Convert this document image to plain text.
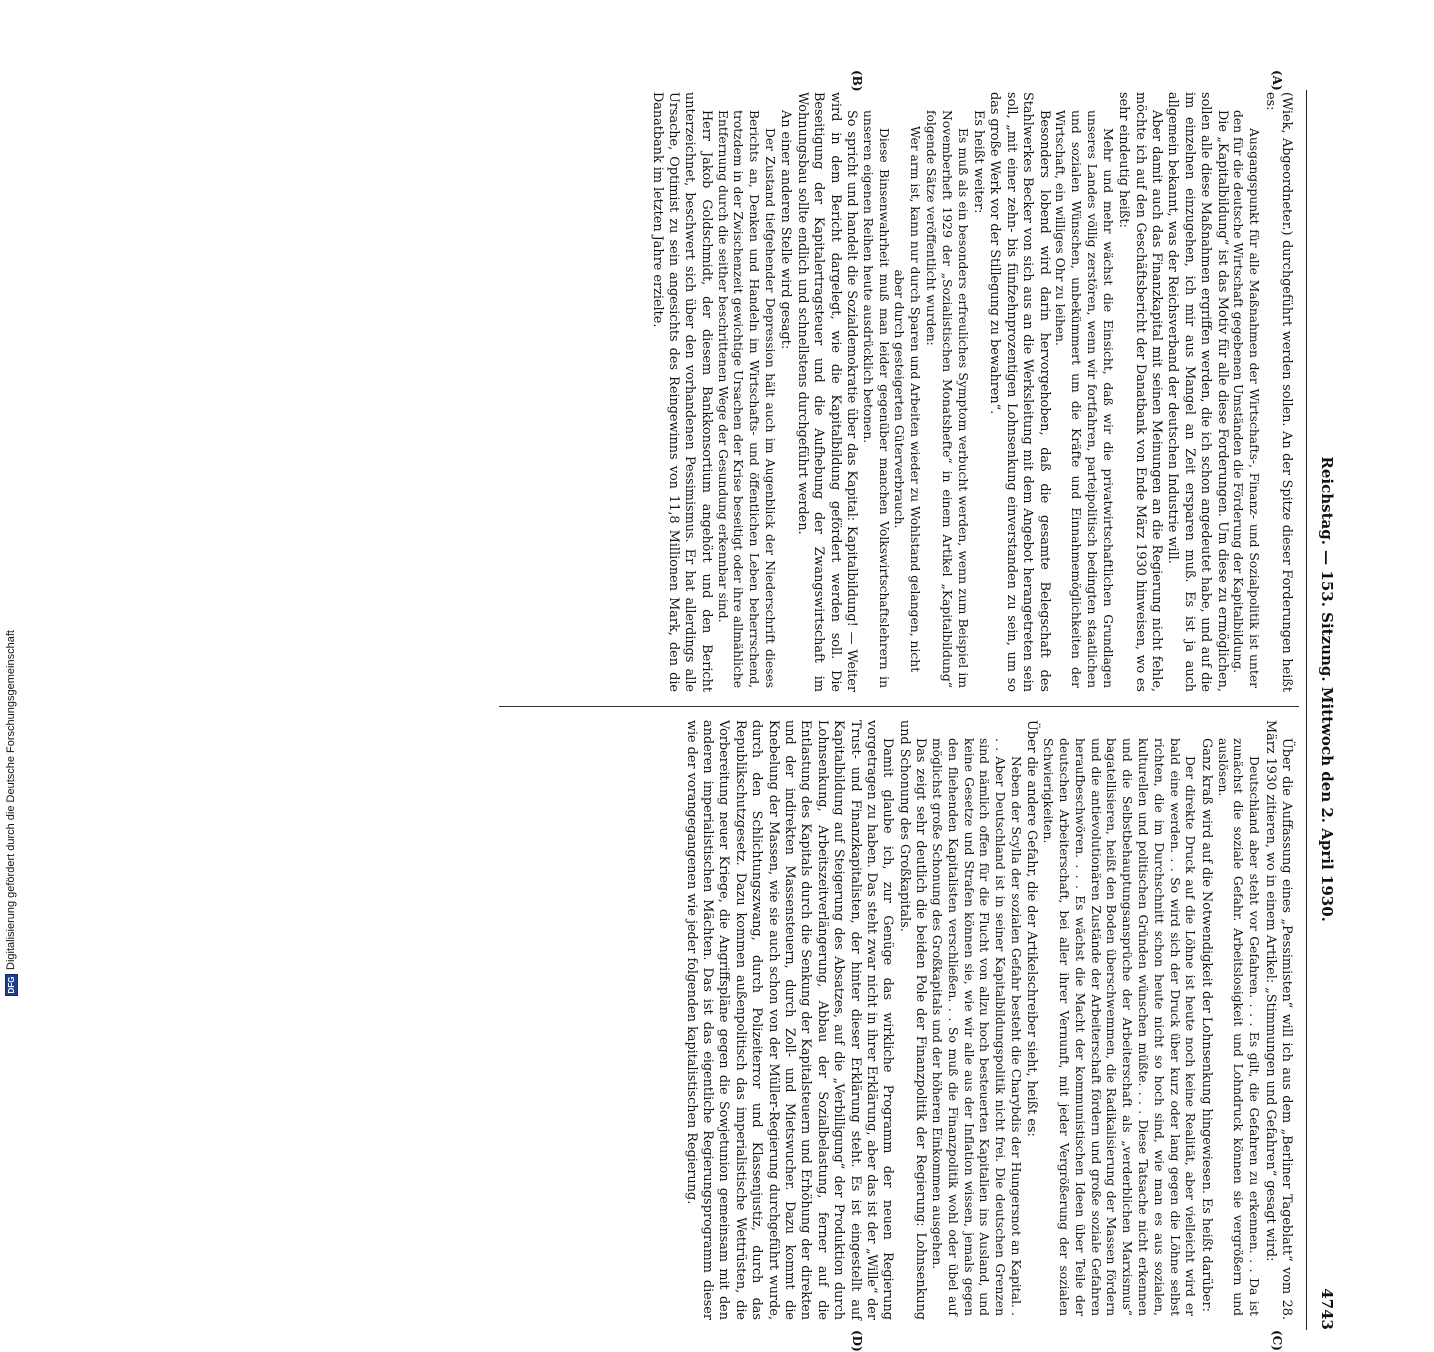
DFG
Digitalisierung gefördert durch die Deutsche Forschungsgemeinschaft	Reichstag. — 153. Sitzung. Mittwoch den 2. April 1930.
4743
(A)
(B)
(C)
(D)

(Wiek, Abgeordneter.) durchgeführt werden sollen. An der Spitze dieser Forderungen heißt es:

Ausgangspunkt für alle Maßnahmen der Wirtschafts-, Finanz- und Sozialpolitik ist unter den für die deutsche Wirtschaft gegebenen Umständen die Förderung der Kapitalbildung.

Die „Kapitalbildung“ ist das Motiv für alle diese Forderungen. Um diese zu ermöglichen, sollen alle diese Maßnahmen ergriffen werden, die ich schon angedeutet habe, und auf die im einzelnen einzugehen, ich mir aus Mangel an Zeit ersparen muß. Es ist ja auch allgemein bekannt, was der Reichsverband der deutschen Industrie will.

Aber damit auch das Finanzkapital mit seinen Meinungen an die Regierung nicht fehle, möchte ich auf den Geschäftsbericht der Danatbank von Ende März 1930 hinweisen, wo es sehr eindeutig heißt:

Mehr und mehr wächst die Einsicht, daß wir die privatwirtschaftlichen Grundlagen unseres Landes völlig zerstören, wenn wir fortfahren, parteipolitisch bedingten staatlichen und sozialen Wünschen, unbekümmert um die Kräfte und Einnahmemöglichkeiten der Wirtschaft, ein williges Ohr zu leihen.

Besonders lobend wird darin hervorgehoben, daß die gesamte Belegschaft des Stahlwerkes Becker von sich aus an die Werksleitung mit dem Angebot herangetreten sein soll, „mit einer zehn- bis fünfzehnprozentigen Lohnsenkung einverstanden zu sein, um so das große Werk vor der Stillegung zu bewahren“.

Es heißt weiter:

Es muß als ein besonders erfreuliches Symptom verbucht werden, wenn zum Beispiel im Novemberheft 1929 der „Sozialistischen Monatshefte“ in einem Artikel „Kapitalbildung“ folgende Sätze veröffentlicht wurden:

Wer arm ist, kann nur durch Sparen und Arbeiten wieder zu Wohlstand gelangen, nicht aber durch gesteigerten Güterverbrauch.

Diese Binsenwahrheit muß man leider gegenüber manchen Volkswirtschaftslehrern in unseren eigenen Reihen heute ausdrücklich betonen.

So spricht und handelt die Sozialdemokratie über das Kapital: Kapitalbildung! — Weiter wird in dem Bericht dargelegt, wie die Kapitalbildung gefördert werden soll. Die Beseitigung der Kapitalertragsteuer und die Aufhebung der Zwangswirtschaft im Wohnungsbau sollte endlich und schnellstens durchgeführt werden.

An einer anderen Stelle wird gesagt:

Der Zustand tiefgehender Depression hält auch im Augenblick der Niederschrift dieses Berichts an, Denken und Handeln im Wirtschafts- und öffentlichen Leben beherrschend, trotzdem in der Zwischenzeit gewichtige Ursachen der Krise beseitigt oder ihre allmähliche Entfernung durch die seither beschrittenen Wege der Gesundung erkennbar sind.

Herr Jakob Goldschmidt, der diesem Bankkonsortium angehört und den Bericht unterzeichnet, beschwert sich über den vorhandenen Pessimismus. Er hat allerdings alle Ursache, Optimist zu sein angesichts des Reingewinns von 11,8 Millionen Mark, den die Danatbank im letzten Jahre erzielte.

Über die Auffassung eines „Pessimisten“ will ich aus dem „Berliner Tageblatt“ vom 28. März 1930 zitieren, wo in einem Artikel: „Stimmungen und Gefahren“ gesagt wird:

Deutschland aber steht vor Gefahren. . . . Es gilt, die Gefahren zu erkennen. . . Da ist zunächst die soziale Gefahr. Arbeitslosigkeit und Lohndruck können sie vergrößern und auslösen.

Ganz kraß wird auf die Notwendigkeit der Lohnsenkung hingewiesen. Es heißt darüber:

Der direkte Druck auf die Löhne ist heute noch keine Realität, aber vielleicht wird er bald eine werden. . . So wird sich der Druck über kurz oder lang gegen die Löhne selbst richten, die im Durchschnitt schon heute nicht so hoch sind, wie man es aus sozialen, kulturellen und politischen Gründen wünschen müßte. . . . Diese Tatsache nicht erkennen und die Selbstbehauptungsansprüche der Arbeiterschaft als „verderblichen Marxismus“ bagatellisieren, heißt den Boden überschwemmen, die Radikalisierung der Massen fördern und die antievolutionären Zustände der Arbeiterschaft fördern und große soziale Gefahren heraufbeschwören. . . . Es wächst die Macht der kommunistischen Ideen über Teile der deutschen Arbeiterschaft, bei aller ihrer Vernunft, mit jeder Vergrößerung der sozialen Schwierigkeiten.

Über die andere Gefahr, die der Artikelschreiber sieht, heißt es:

Neben der Scylla der sozialen Gefahr besteht die Charybdis der Hungersnot an Kapital. . . . Aber Deutschland ist in seiner Kapitalbildungspolitik nicht frei. Die deutschen Grenzen sind nämlich offen für die Flucht von allzu hoch besteuerten Kapitalien ins Ausland, und keine Gesetze und Strafen können sie, wie wir alle aus der Inflation wissen, jemals gegen den fliehenden Kapitalisten verschließen. . . So muß die Finanzpolitik wohl oder übel auf möglichst große Schonung des Großkapitals und der höheren Einkommen ausgehen.

Das zeigt sehr deutlich die beiden Pole der Finanzpolitik der Regierung: Lohnsenkung und Schonung des Großkapitals.

Damit glaube ich, zur Genüge das wirkliche Programm der neuen Regierung vorgetragen zu haben. Das steht zwar nicht in ihrer Erklärung, aber das ist der „Wille“ der Trust- und Finanzkapitalisten, der hinter dieser Erklärung steht. Es ist eingestellt auf Kapitalbildung auf Steigerung des Absatzes, auf die „Verbilligung“ der Produktion durch Lohnsenkung, Arbeitszeitverlängerung, Abbau der Sozialbelastung, ferner auf die Entlastung des Kapitals durch die Senkung der Kapitalsteuern und Erhöhung der direkten und der indirekten Massensteuern, durch Zoll- und Mietswucher. Dazu kommt die Knebelung der Massen, wie sie auch schon von der Müller-Regierung durchgeführt wurde, durch den Schlichtungszwang, durch Polizeiterror und Klassenjustiz, durch das Republikschutzgesetz. Dazu kommen außenpolitisch das imperialistische Wettrüsten, die Vorbereitung neuer Kriege, die Angriffspläne gegen die Sowjetunion gemeinsam mit den anderen imperialistischen Mächten. Das ist das eigentliche Regierungsprogramm dieser wie der vorangegangenen wie jeder folgenden kapitalistischen Regierung.
